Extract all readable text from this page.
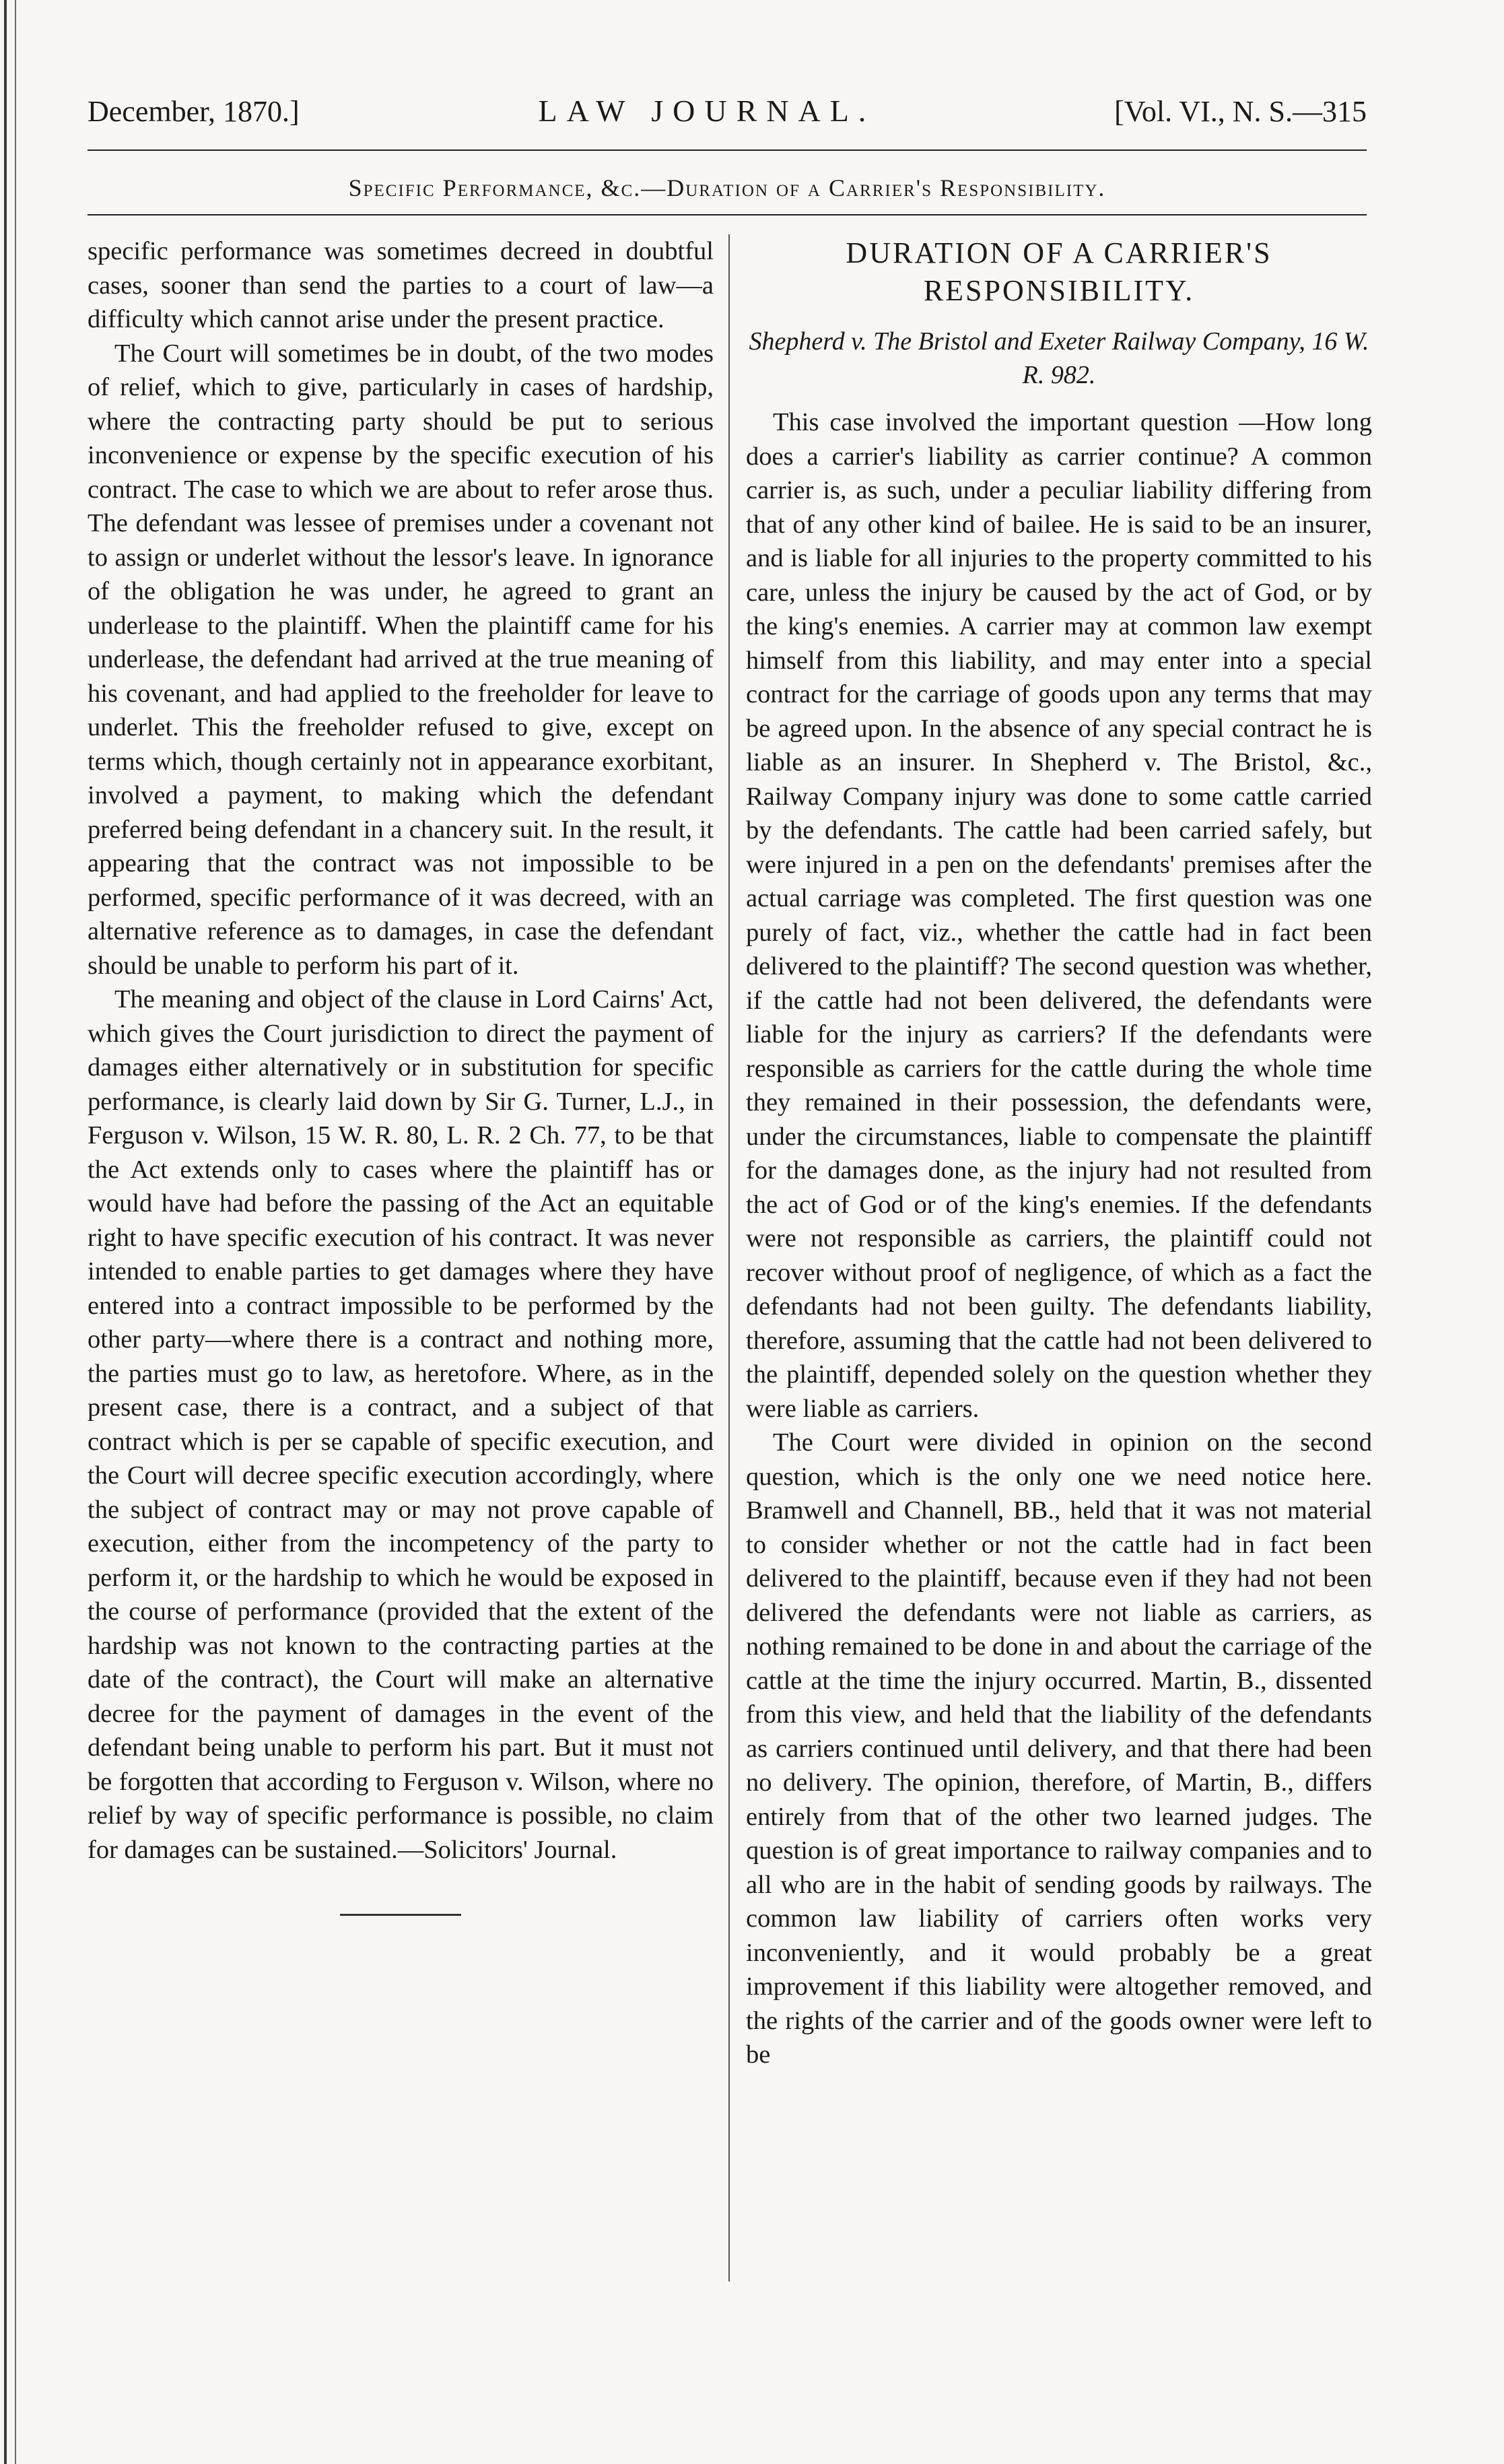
December, 1870.]	LAW JOURNAL.	[Vol. VI., N. S.—315
Specific Performance, &c.—Duration of a Carrier's Responsibility.

specific performance was sometimes decreed in doubtful cases, sooner than send the parties to a court of law—a difficulty which cannot arise under the present practice.

The Court will sometimes be in doubt, of the two modes of relief, which to give, particularly in cases of hardship, where the contracting party should be put to serious inconvenience or expense by the specific execution of his contract. The case to which we are about to refer arose thus. The defendant was lessee of premises under a covenant not to assign or underlet without the lessor's leave. In ignorance of the obligation he was under, he agreed to grant an underlease to the plaintiff. When the plaintiff came for his underlease, the defendant had arrived at the true meaning of his covenant, and had applied to the freeholder for leave to underlet. This the freeholder refused to give, except on terms which, though certainly not in appearance exorbitant, involved a payment, to making which the defendant preferred being defendant in a chancery suit. In the result, it appearing that the contract was not impossible to be performed, specific performance of it was decreed, with an alternative reference as to damages, in case the defendant should be unable to perform his part of it.

The meaning and object of the clause in Lord Cairns' Act, which gives the Court jurisdiction to direct the payment of damages either alternatively or in substitution for specific performance, is clearly laid down by Sir G. Turner, L.J., in Ferguson v. Wilson, 15 W. R. 80, L. R. 2 Ch. 77, to be that the Act extends only to cases where the plaintiff has or would have had before the passing of the Act an equitable right to have specific execution of his contract. It was never intended to enable parties to get damages where they have entered into a contract impossible to be performed by the other party—where there is a contract and nothing more, the parties must go to law, as heretofore. Where, as in the present case, there is a contract, and a subject of that contract which is per se capable of specific execution, and the Court will decree specific execution accordingly, where the subject of contract may or may not prove capable of execution, either from the incompetency of the party to perform it, or the hardship to which he would be exposed in the course of performance (provided that the extent of the hardship was not known to the contracting parties at the date of the contract), the Court will make an alternative decree for the payment of damages in the event of the defendant being unable to perform his part. But it must not be forgotten that according to Ferguson v. Wilson, where no relief by way of specific performance is possible, no claim for damages can be sustained.—Solicitors' Journal.

DURATION OF A CARRIER'S RESPONSIBILITY.
Shepherd v. The Bristol and Exeter Railway Company, 16 W. R. 982.

This case involved the important question —How long does a carrier's liability as carrier continue? A common carrier is, as such, under a peculiar liability differing from that of any other kind of bailee. He is said to be an insurer, and is liable for all injuries to the property committed to his care, unless the injury be caused by the act of God, or by the king's enemies. A carrier may at common law exempt himself from this liability, and may enter into a special contract for the carriage of goods upon any terms that may be agreed upon. In the absence of any special contract he is liable as an insurer. In Shepherd v. The Bristol, &c., Railway Company injury was done to some cattle carried by the defendants. The cattle had been carried safely, but were injured in a pen on the defendants' premises after the actual carriage was completed. The first question was one purely of fact, viz., whether the cattle had in fact been delivered to the plaintiff? The second question was whether, if the cattle had not been delivered, the defendants were liable for the injury as carriers? If the defendants were responsible as carriers for the cattle during the whole time they remained in their possession, the defendants were, under the circumstances, liable to compensate the plaintiff for the damages done, as the injury had not resulted from the act of God or of the king's enemies. If the defendants were not responsible as carriers, the plaintiff could not recover without proof of negligence, of which as a fact the defendants had not been guilty. The defendants liability, therefore, assuming that the cattle had not been delivered to the plaintiff, depended solely on the question whether they were liable as carriers.

The Court were divided in opinion on the second question, which is the only one we need notice here. Bramwell and Channell, BB., held that it was not material to consider whether or not the cattle had in fact been delivered to the plaintiff, because even if they had not been delivered the defendants were not liable as carriers, as nothing remained to be done in and about the carriage of the cattle at the time the injury occurred. Martin, B., dissented from this view, and held that the liability of the defendants as carriers continued until delivery, and that there had been no delivery. The opinion, therefore, of Martin, B., differs entirely from that of the other two learned judges. The question is of great importance to railway companies and to all who are in the habit of sending goods by railways. The common law liability of carriers often works very inconveniently, and it would probably be a great improvement if this liability were altogether removed, and the rights of the carrier and of the goods owner were left to be
